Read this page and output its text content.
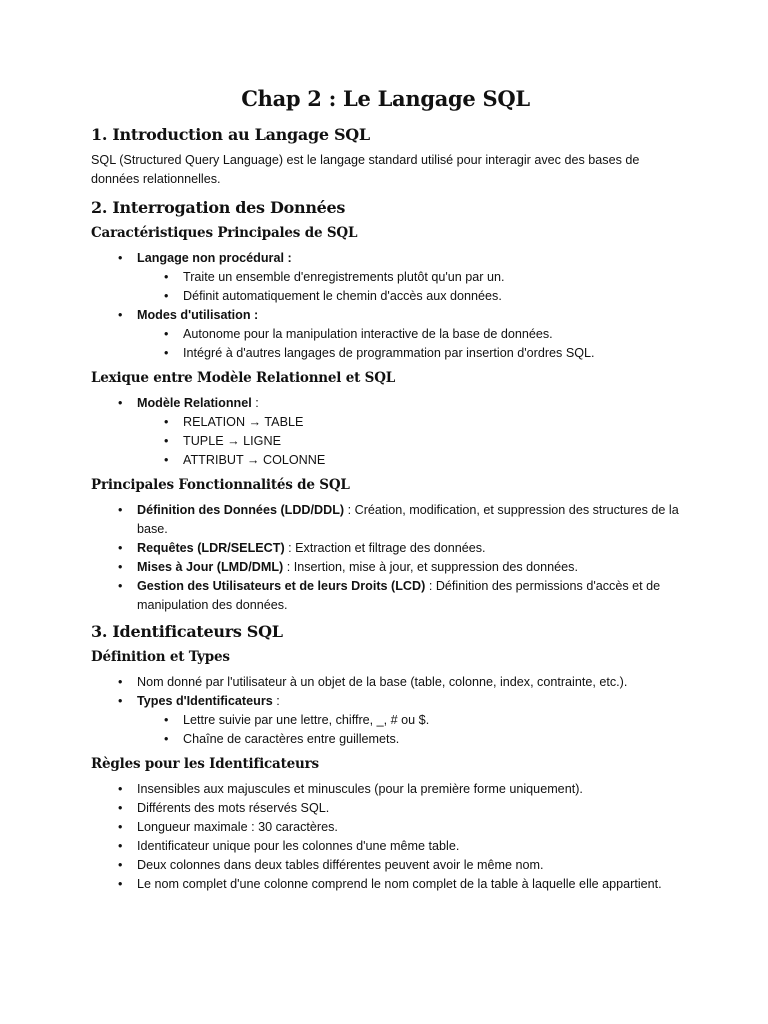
Chap 2 : Le Langage SQL
1. Introduction au Langage SQL
SQL (Structured Query Language) est le langage standard utilisé pour interagir avec des bases de données relationnelles.
2. Interrogation des Données
Caractéristiques Principales de SQL
• Langage non procédural :
• Traite un ensemble d'enregistrements plutôt qu'un par un.
• Définit automatiquement le chemin d'accès aux données.
• Modes d'utilisation :
• Autonome pour la manipulation interactive de la base de données.
• Intégré à d'autres langages de programmation par insertion d'ordres SQL.
Lexique entre Modèle Relationnel et SQL
• Modèle Relationnel :
• RELATION → TABLE
• TUPLE → LIGNE
• ATTRIBUT → COLONNE
Principales Fonctionnalités de SQL
• Définition des Données (LDD/DDL) : Création, modification, et suppression des structures de la base.
• Requêtes (LDR/SELECT) : Extraction et filtrage des données.
• Mises à Jour (LMD/DML) : Insertion, mise à jour, et suppression des données.
• Gestion des Utilisateurs et de leurs Droits (LCD) : Définition des permissions d'accès et de manipulation des données.
3. Identificateurs SQL
Définition et Types
• Nom donné par l'utilisateur à un objet de la base (table, colonne, index, contrainte, etc.).
• Types d'Identificateurs :
• Lettre suivie par une lettre, chiffre, _, # ou $.
• Chaîne de caractères entre guillemets.
Règles pour les Identificateurs
• Insensibles aux majuscules et minuscules (pour la première forme uniquement).
• Différents des mots réservés SQL.
• Longueur maximale : 30 caractères.
• Identificateur unique pour les colonnes d'une même table.
• Deux colonnes dans deux tables différentes peuvent avoir le même nom.
• Le nom complet d'une colonne comprend le nom complet de la table à laquelle elle appartient.
